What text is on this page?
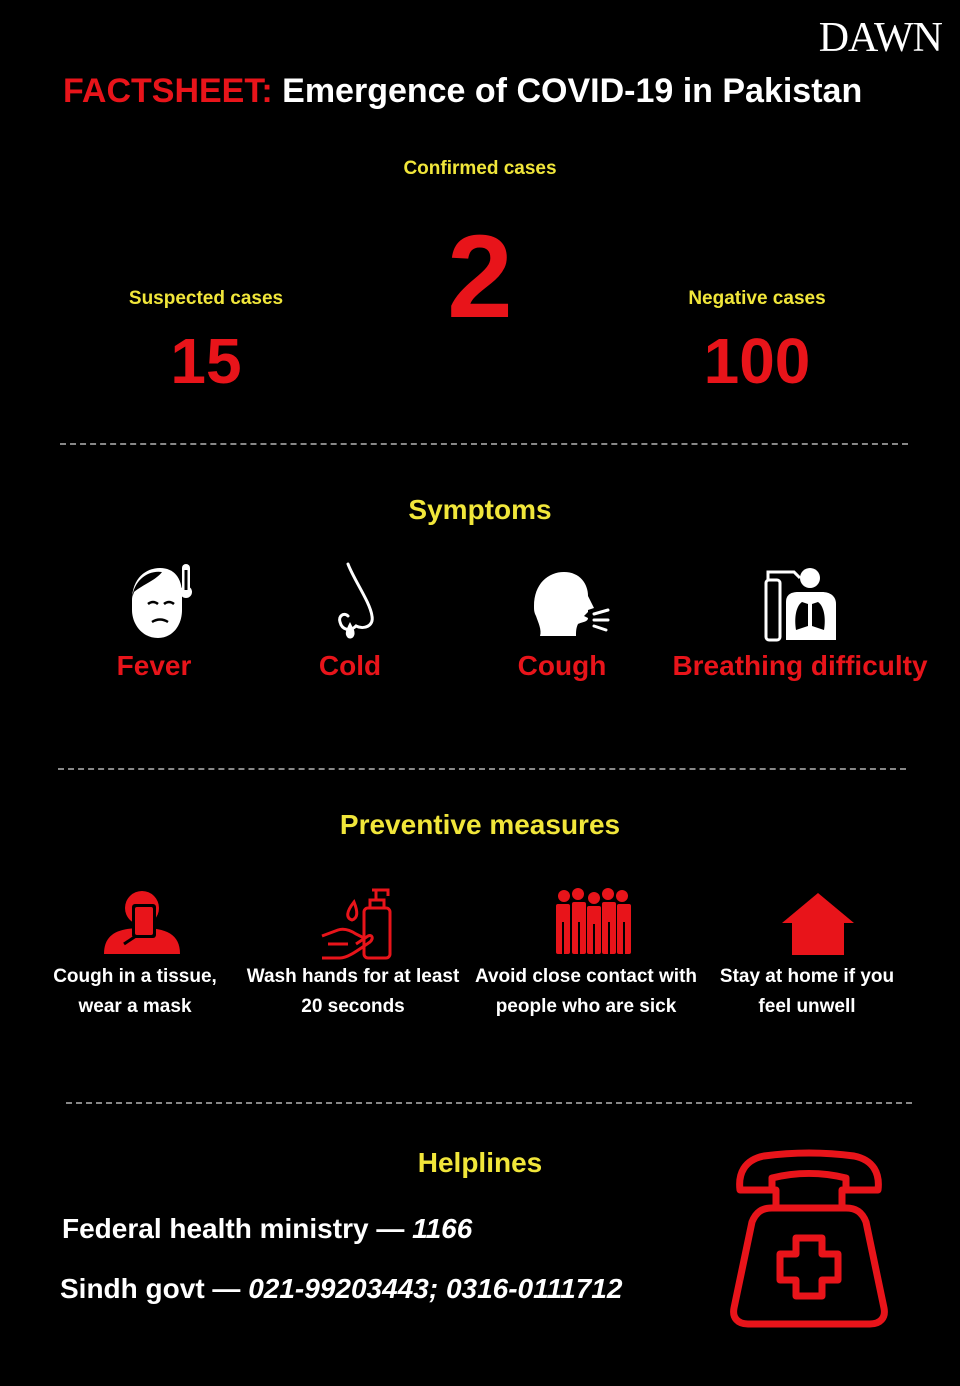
DAWN
FACTSHEET: Emergence of COVID-19 in Pakistan
Confirmed cases
2
Suspected cases
15
Negative cases
100
Symptoms
Fever	Cold	Cough	Breathing difficulty
Preventive measures
Cough in a tissue,
wear a mask
Wash hands for at least
20 seconds
Avoid close contact with
people who are sick
Stay at home if you
feel unwell
Helplines
Federal health ministry — 1166
Sindh govt — 021-99203443; 0316-0111712
